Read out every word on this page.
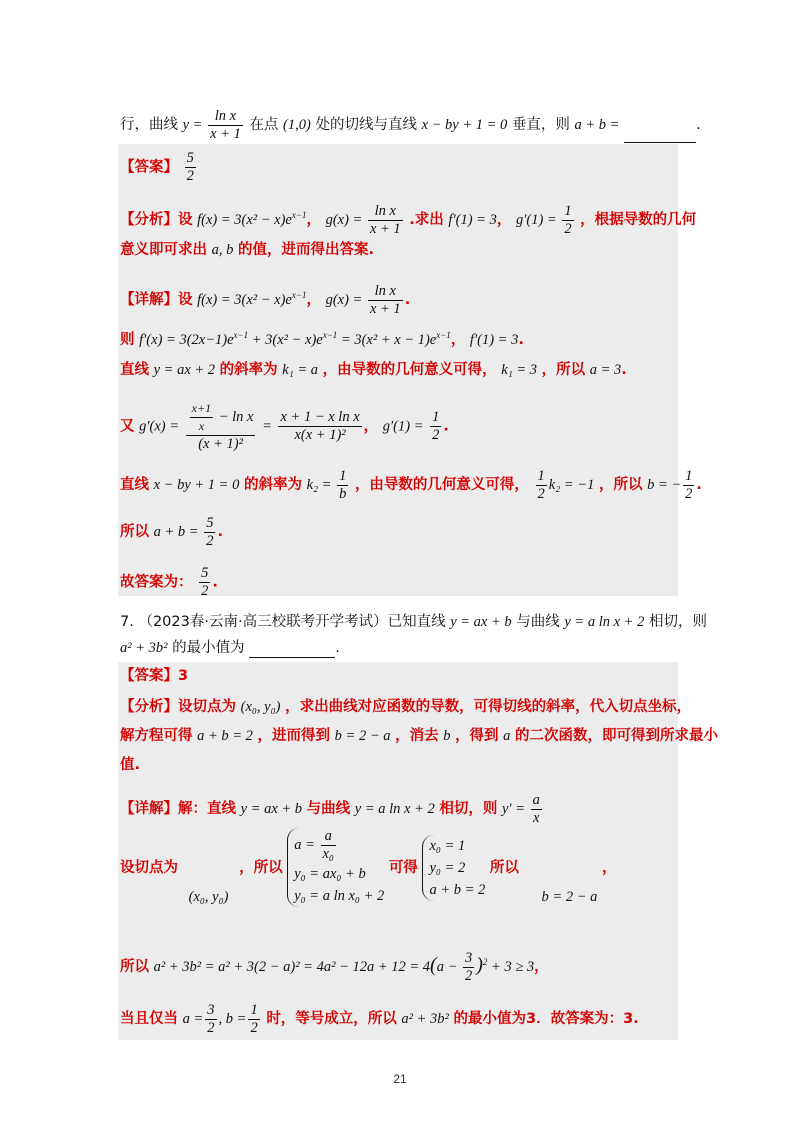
行，曲线 $y = \frac{\text{ln x}}{x + 1}$ 在点 (1,0) 处的切线与直线 x − by + 1 = 0 垂直，则 a + b =	.
【答案】 $\frac{5}{2}$
【分析】设 $f(x) = 3(x^2 - x)e^{x-1}$， $g(x) = \frac{\text{ln x}}{x + 1}$ .求出 f′(1) = 3， $g'(1) = \frac{1}{2}$ ，根据导数的几何
意义即可求出 a, b 的值，进而得出答案.
【详解】设 $f(x) = 3(x^2 - x)e^{x-1}$， $g(x) = \frac{\text{ln x}}{x + 1}$ .
则 $f'(x) = 3(2x-1)e^{x-1} + 3(x^2 - x)e^{x-1} = 3(x^2 + x - 1)e^{x-1}$， f′(1) = 3.
直线 y = ax + 2 的斜率为 k₁ = a ，由导数的几何意义可得， k₁ = 3 ，所以 a = 3.
又 $g'(x) = \frac{\frac{x+1}{x} - \ln x}{\text{(x + 1)²}} = \frac{\text{x + 1 − x ln x}}{\text{x(x + 1)²}}$ ， $g'(1) = \frac{1}{2}$ .
直线 x − by + 1 = 0 的斜率为 $k_2 = \frac{1}{b}$ ，由导数的几何意义可得， $\frac{1}{2} k_2 = -1$ ，所以 b = − $\frac{1}{2}$ .
所以 $a + b = \frac{5}{2}$ .
故答案为： $\frac{5}{2}$ .
7. （2023春·云南·高三校联考开学考试）已知直线 y = ax + b 与曲线 y = a ln x + 2 相切，则
a² + 3b² 的最小值为	.
【答案】3
【分析】设切点为 (x₀, y₀) ，求出曲线对应函数的导数，可得切线的斜率，代入切点坐标，
解方程可得 a + b = 2 ，进而得到 b = 2 − a ，消去 b ，得到 a 的二次函数，即可得到所求最小
值.
【详解】解：直线 y = ax + b 与曲线 y = a ln x + 2 相切，则 $y' = \frac{a}{x}$
设切点为 (x₀, y₀) ，所以
$a = \frac{a}{\text{x₀}}$
y₀ = ax₀ + b
y₀ = a ln x₀ + 2
可得
x₀ = 1
y₀ = 2
a + b = 2
所以 b = 2 − a ，
所以 $a^2 + 3b^2 = a^2 + 3(2 - a)^2 = 4a^2 - 12a + 12 = 4(a - \frac{3}{2} )^2 + 3 \ge 3$，
当且仅当 $a = \frac{3}{2}$ , $b = \frac{1}{2}$ 时，等号成立，所以 a² + 3b² 的最小值为3．故答案为：3.
21
